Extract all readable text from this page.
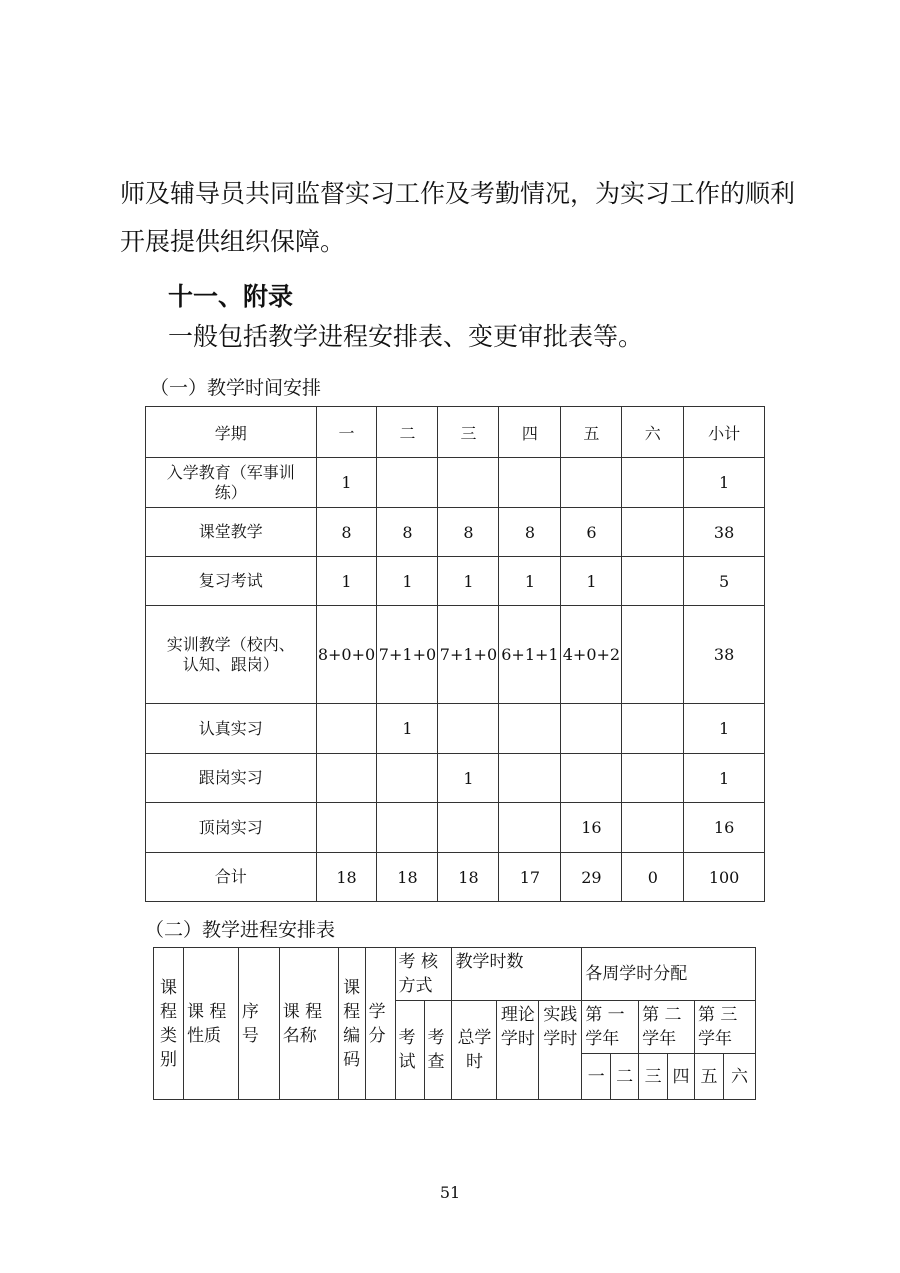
师及辅导员共同监督实习工作及考勤情况，为实习工作的顺利
开展提供组织保障。
十一、附录
一般包括教学进程安排表、变更审批表等。
（一）教学时间安排
学期	一	二	三	四	五	六	小计
入学教育（军事训练）	1						1
课堂教学	8	8	8	8	6		38
复习考试	1	1	1	1	1		5
实训教学（校内、认知、跟岗）	8+0+0	7+1+0	7+1+0	6+1+1	4+0+2		38
认真实习		1					1
跟岗实习			1				1
顶岗实习					16		16
合计	18	18	18	17	29	0	100
（二）教学进程安排表
课程类别	课 程性质	序号	课 程名称	课程编码	学分	考 核方式		教学时数			各周学时分配					
						考试	考查	总学时	理论学时	实践学时	第 一学年		第 二学年		第 三学年	
											一	二	三	四	五	六
51
